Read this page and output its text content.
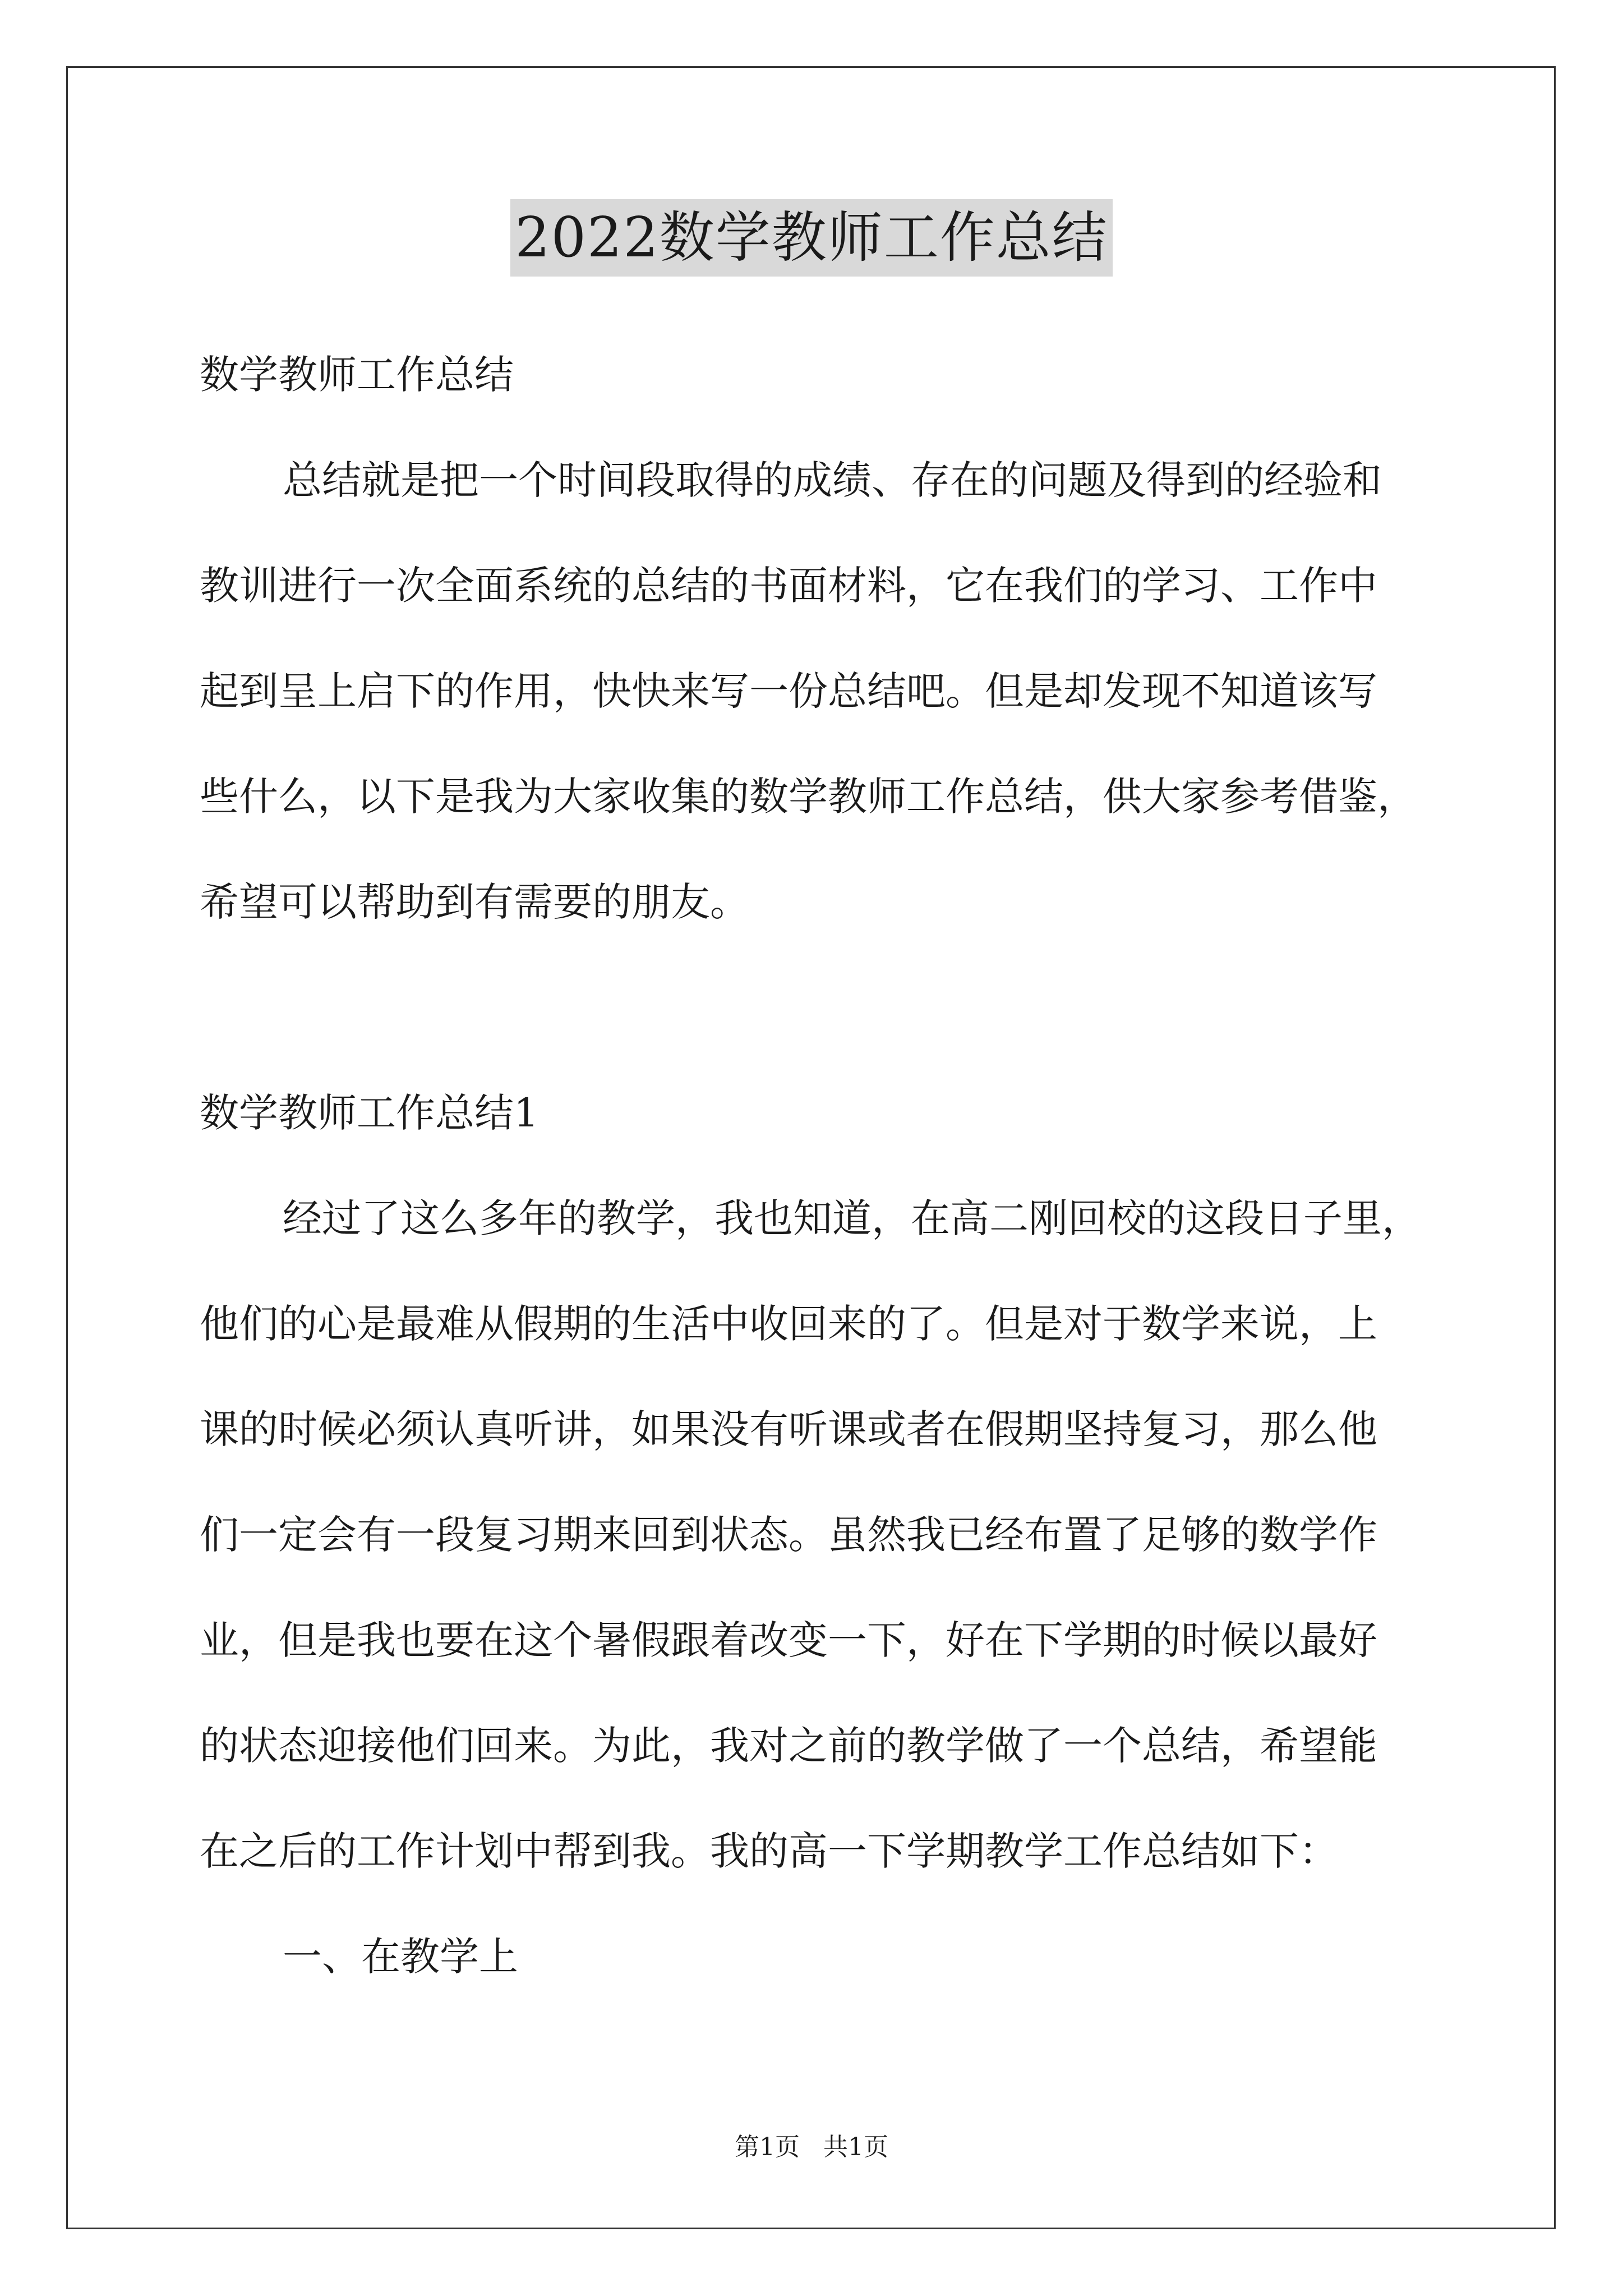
2022数学教师工作总结
数学教师工作总结
总结就是把一个时间段取得的成绩、存在的问题及得到的经验和
教训进行一次全面系统的总结的书面材料，它在我们的学习、工作中
起到呈上启下的作用，快快来写一份总结吧。但是却发现不知道该写
些什么，以下是我为大家收集的数学教师工作总结，供大家参考借鉴，
希望可以帮助到有需要的朋友。
数学教师工作总结1
经过了这么多年的教学，我也知道，在高二刚回校的这段日子里，
他们的心是最难从假期的生活中收回来的了。但是对于数学来说，上
课的时候必须认真听讲，如果没有听课或者在假期坚持复习，那么他
们一定会有一段复习期来回到状态。虽然我已经布置了足够的数学作
业，但是我也要在这个暑假跟着改变一下，好在下学期的时候以最好
的状态迎接他们回来。为此，我对之前的教学做了一个总结，希望能
在之后的工作计划中帮到我。我的高一下学期教学工作总结如下：
一、在教学上
第1页 共1页
